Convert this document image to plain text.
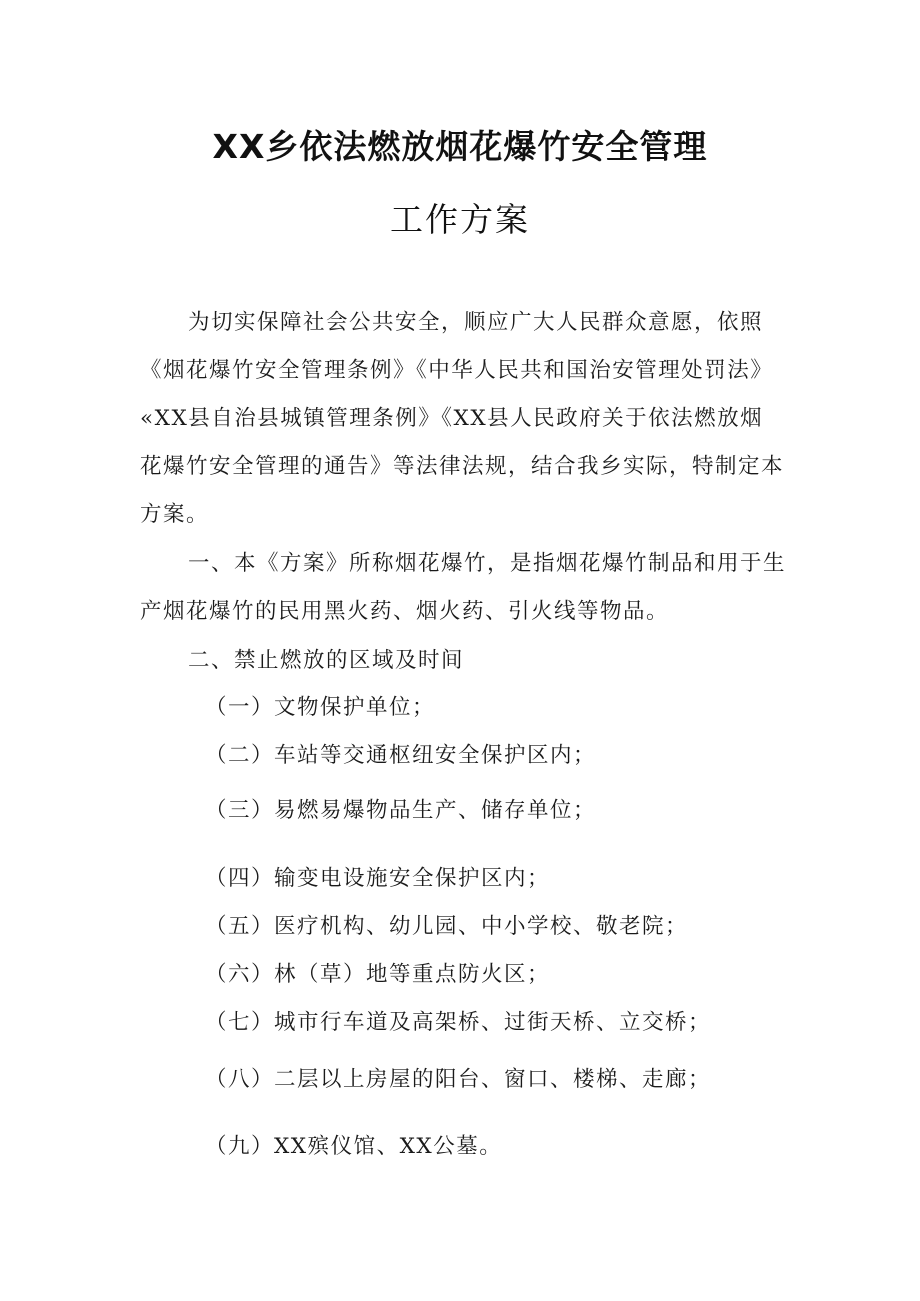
XX乡依法燃放烟花爆竹安全管理
工作方案

为切实保障社会公共安全，顺应广大人民群众意愿，依照

《烟花爆竹安全管理条例》《中华人民共和国治安管理处罚法》

«XX县自治县城镇管理条例》《XX县人民政府关于依法燃放烟

花爆竹安全管理的通告》等法律法规，结合我乡实际，特制定本

方案。

一、本《方案》所称烟花爆竹，是指烟花爆竹制品和用于生

产烟花爆竹的民用黑火药、烟火药、引火线等物品。

二、禁止燃放的区域及时间

（一）文物保护单位；

（二）车站等交通枢纽安全保护区内；

（三）易燃易爆物品生产、储存单位；

（四）输变电设施安全保护区内；

（五）医疗机构、幼儿园、中小学校、敬老院；

（六）林（草）地等重点防火区；

（七）城市行车道及高架桥、过街天桥、立交桥；

（八）二层以上房屋的阳台、窗口、楼梯、走廊；

（九）XX殡仪馆、XX公墓。
